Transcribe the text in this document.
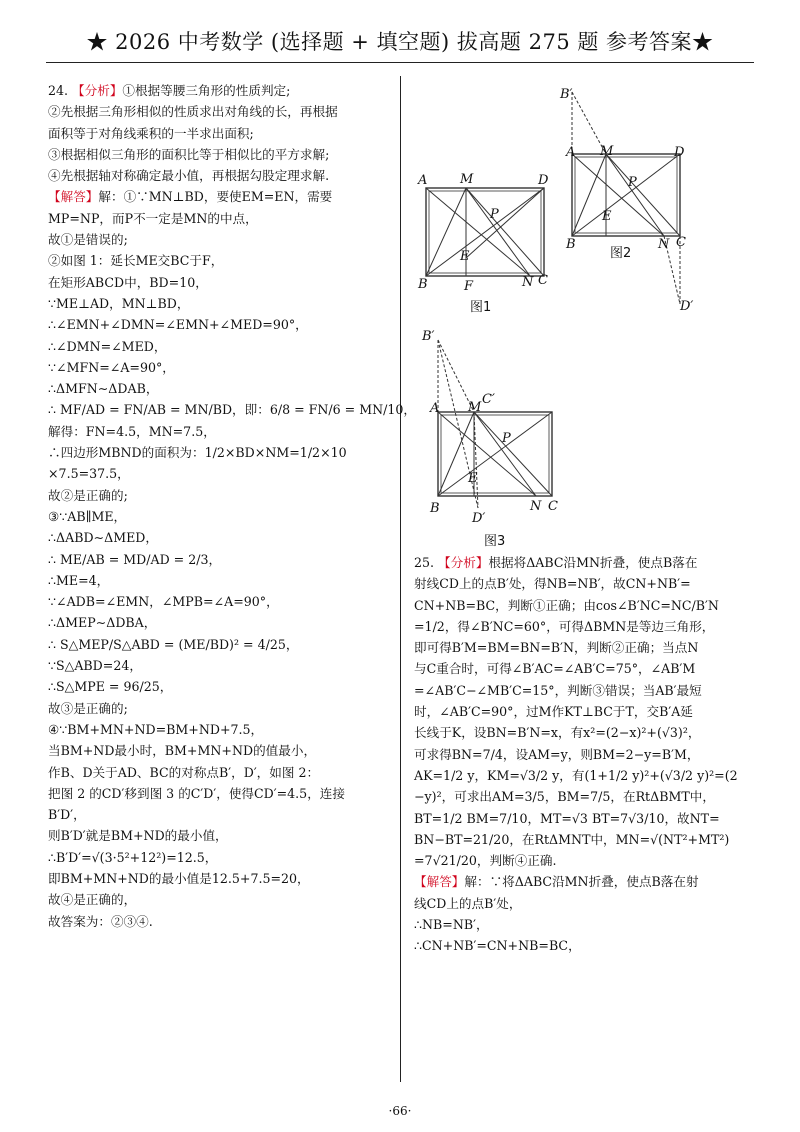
★ 2026 中考数学 (选择题 + 填空题) 拔高题 275 题 参考答案★
24. 【分析】①根据等腰三角形的性质判定;
②先根据三角形相似的性质求出对角线的长，再根据
面积等于对角线乘积的一半求出面积;
③根据相似三角形的面积比等于相似比的平方求解;
④先根据轴对称确定最小值，再根据勾股定理求解.
【解答】解：①∵MN⊥BD，要使EM=EN，需要
MP=NP，而P不一定是MN的中点，
故①是错误的;
②如图 1：延长ME交BC于F，
在矩形ABCD中，BD=10，
∵ME⊥AD，MN⊥BD，
∴∠EMN+∠DMN=∠EMN+∠MED=90°，
∴∠DMN=∠MED，
∵∠MFN=∠A=90°，
∴ΔMFN∼ΔDAB，
∴ MF/AD = FN/AB = MN/BD，即：6/8 = FN/6 = MN/10，
解得：FN=4.5，MN=7.5，
∴四边形MBND的面积为：1/2×BD×NM=1/2×10
×7.5=37.5，
故②是正确的;
③∵AB∥ME，
∴ΔABD∼ΔMED，
∴ ME/AB = MD/AD = 2/3，
∴ME=4，
∵∠ADB=∠EMN，∠MPB=∠A=90°，
∴ΔMEP∼ΔDBA，
∴ S△MEP/S△ABD = (ME/BD)² = 4/25，
∵S△ABD=24，
∴S△MPE = 96/25，
故③是正确的;
④∵BM+MN+ND=BM+ND+7.5，
当BM+ND最小时，BM+MN+ND的值最小，
作B、D关于AD、BC的对称点B′，D′，如图 2：
把图 2 的CD′移到图 3 的C′D′，使得CD′=4.5，连接
B′D′，
则B′D′就是BM+ND的最小值，
∴B′D′=√(3·5²+12²)=12.5，
即BM+MN+ND的最小值是12.5+7.5=20，
故④是正确的，
故答案为：②③④.
25. 【分析】根据将ΔABC沿MN折叠，使点B落在
射线CD上的点B′处，得NB=NB′，故CN+NB′=
CN+NB=BC，判断①正确；由cos∠B′NC=NC/B′N
=1/2，得∠B′NC=60°，可得ΔBMN是等边三角形，
即可得B′M=BM=BN=B′N，判断②正确；当点N
与C重合时，可得∠B′AC=∠AB′C=75°，∠AB′M
=∠AB′C−∠MB′C=15°，判断③错误；当AB′最短
时，∠AB′C=90°，过M作KT⊥BC于T，交B′A延
长线于K，设BN=B′N=x，有x²=(2−x)²+(√3)²，
可求得BN=7/4，设AM=y，则BM=2−y=B′M，
AK=1/2 y，KM=√3/2 y，有(1+1/2 y)²+(√3/2 y)²=(2
−y)²，可求出AM=3/5，BM=7/5，在RtΔBMT中，
BT=1/2 BM=7/10，MT=√3 BT=7√3/10，故NT=
BN−BT=21/20，在RtΔMNT中，MN=√(NT²+MT²)
=7√21/20，判断④正确.
【解答】解：∵将ΔABC沿MN折叠，使点B落在射
线CD上的点B′处，
∴NB=NB′，
∴CN+NB′=CN+NB=BC，
A	M	D
P
E
B	F	N C
图1
B′
A M	D
P
E
B	N C
D′
图2
B′
A M
C′
P
E
B
D′
N C
图3
·66·
